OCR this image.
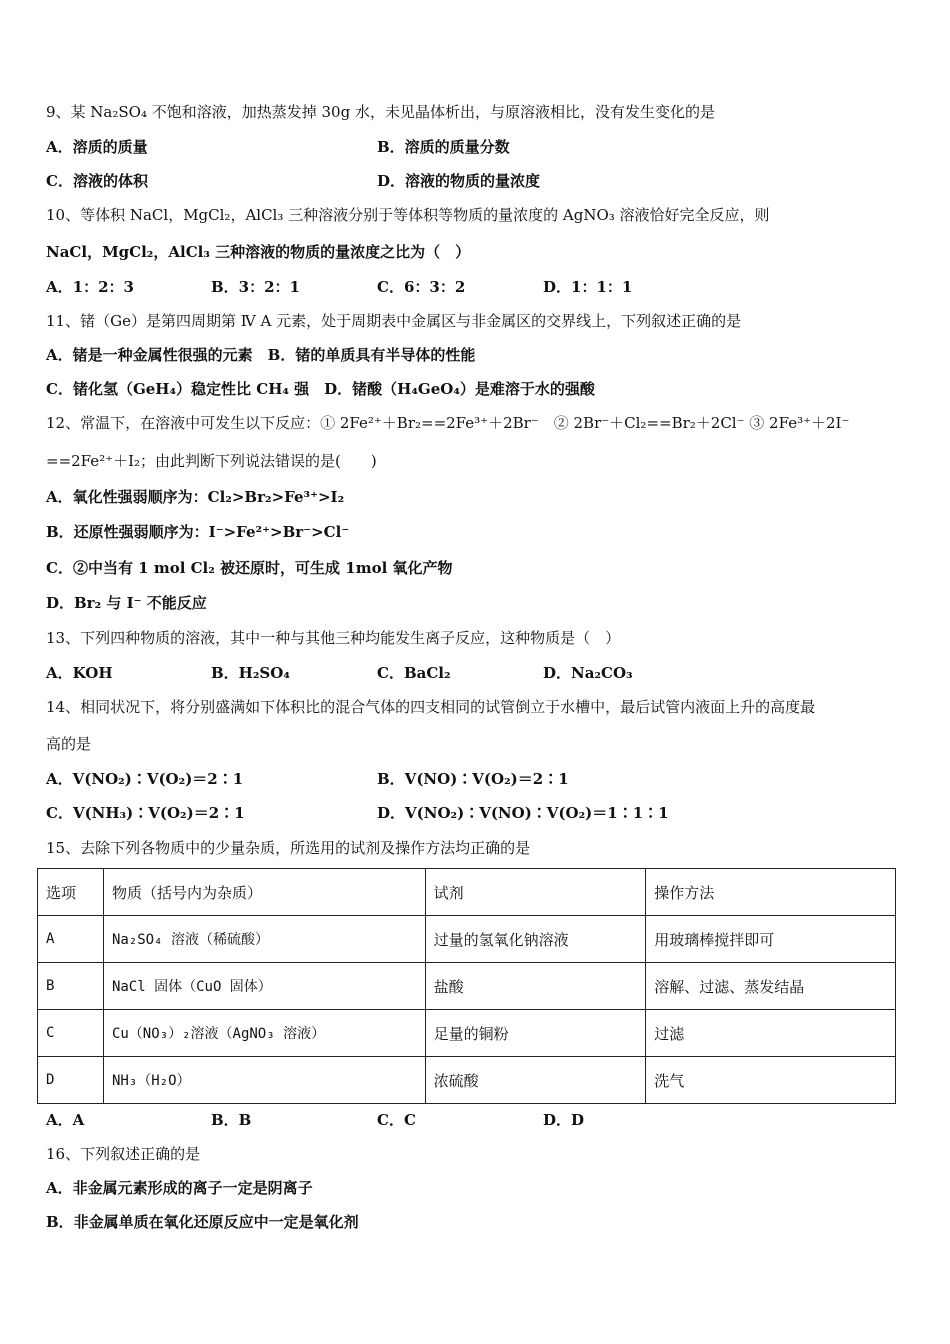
9、某 Na₂SO₄ 不饱和溶液，加热蒸发掉 30g 水，未见晶体析出，与原溶液相比，没有发生变化的是
A．溶质的质量	B．溶质的质量分数
C．溶液的体积	D．溶液的物质的量浓度
10、等体积 NaCl，MgCl₂，AlCl₃ 三种溶液分别于等体积等物质的量浓度的 AgNO₃ 溶液恰好完全反应，则
NaCl，MgCl₂，AlCl₃ 三种溶液的物质的量浓度之比为（　）
A．1：2：3	B．3：2：1	C．6：3：2	D．1：1：1
11、锗（Ge）是第四周期第 Ⅳ A 元素，处于周期表中金属区与非金属区的交界线上，下列叙述正确的是
A．锗是一种金属性很强的元素　B．锗的单质具有半导体的性能
C．锗化氢（GeH₄）稳定性比 CH₄ 强　D．锗酸（H₄GeO₄）是难溶于水的强酸
12、常温下，在溶液中可发生以下反应：① 2Fe²⁺＋Br₂==2Fe³⁺＋2Br⁻　② 2Br⁻＋Cl₂==Br₂＋2Cl⁻ ③ 2Fe³⁺＋2I⁻
==2Fe²⁺＋I₂；由此判断下列说法错误的是(　　)
A．氧化性强弱顺序为：Cl₂>Br₂>Fe³⁺>I₂
B．还原性强弱顺序为：I⁻>Fe²⁺>Br⁻>Cl⁻
C．②中当有 1 mol Cl₂ 被还原时，可生成 1mol 氧化产物
D．Br₂ 与 I⁻ 不能反应
13、下列四种物质的溶液，其中一种与其他三种均能发生离子反应，这种物质是（　）
A．KOH	B．H₂SO₄	C．BaCl₂	D．Na₂CO₃
14、相同状况下，将分别盛满如下体积比的混合气体的四支相同的试管倒立于水槽中，最后试管内液面上升的高度最
高的是
A．V(NO₂)∶V(O₂)＝2∶1	B．V(NO)∶V(O₂)＝2∶1
C．V(NH₃)∶V(O₂)＝2∶1	D．V(NO₂)∶V(NO)∶V(O₂)＝1∶1∶1
15、去除下列各物质中的少量杂质，所选用的试剂及操作方法均正确的是
选项	物质（括号内为杂质）	试剂	操作方法
A	Na₂SO₄ 溶液（稀硫酸）	过量的氢氧化钠溶液	用玻璃棒搅拌即可
B	NaCl 固体（CuO 固体）	盐酸	溶解、过滤、蒸发结晶
C	Cu（NO₃）₂溶液（AgNO₃ 溶液）	足量的铜粉	过滤
D	NH₃（H₂O）	浓硫酸	洗气
A．A	B．B	C．C	D．D
16、下列叙述正确的是
A．非金属元素形成的离子一定是阴离子
B．非金属单质在氧化还原反应中一定是氧化剂
